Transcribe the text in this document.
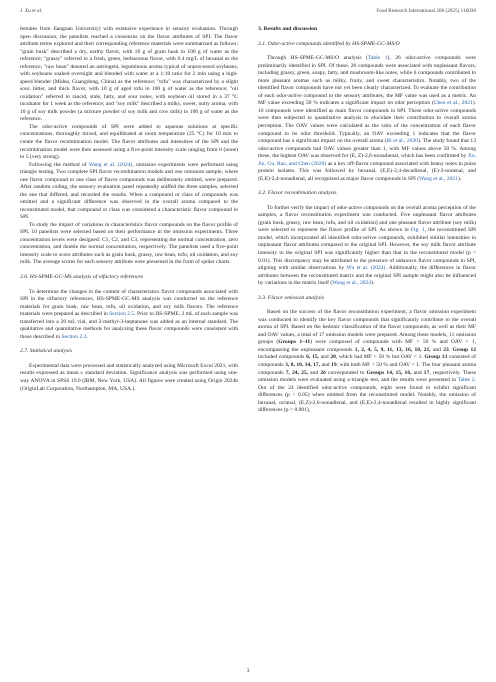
J. Xu et al.	Food Research International 206 (2025) 116038

females from Jiangnan University) with extensive experience in sensory evaluation. Through open discussion, the panelists reached a consensus on the flavor attributes of SPI. The flavor attribute terms explored and their corresponding reference materials were summarized as follows: "grain husk" described a dry, earthy flavor, with 10 g of grain husk in 100 g of water as the reference; "grassy" referred to a fresh, green, herbaceous flavor, with 0.4 mg/L of hexanal as the reference; "raw bean" denoted an astringent, leguminous aroma typical of unprocessed soybeans, with soybeans soaked overnight and blended with water at a 1:10 ratio for 2 min using a high-speed blender (Midea, Guangdong, China) as the reference; "tofu" was characterized by a slight sour, bitter, and thick flavor, with 10 g of aged tofu in 100 g of water as the reference; "oil oxidation" referred to rancid, stale, fatty, and sour notes, with soybean oil stored in a 37 °C incubator for 1 week as the reference; and "soy milk" described a milky, sweet, nutty aroma, with 10 g of soy milk powder (a mixture powder of soy milk and cow milk) in 100 g of water as the reference.

The odor-active compounds of SPI were added to aqueous solutions at specific concentrations, thoroughly mixed, and equilibrated at room temperature (25 °C) for 10 min to create the flavor recombination model. The flavor attributes and intensities of the SPI and the recombination model were then assessed using a five-point intensity scale ranging from 0 (none) to 5 (very strong).

Following the method of Wang et al. (2024), omission experiments were performed using triangle testing. Two complete SPI flavor recombination models and one omission sample, where one flavor compound or one class of flavor compounds was deliberately omitted, were prepared. After random coding, the sensory evaluation panel repeatedly sniffed the three samples, selected the one that differed, and recorded the results. When a compound or class of compounds was omitted and a significant difference was observed in the overall aroma compared to the reconstituted model, that compound or class was considered a characteristic flavor compound in SPI.

To study the impact of variations in characteristics flavor compounds on the flavor profile of SPI, 10 panelists were selected based on their performance in the omission experiments. Three concentration levels were designed: C1, C2, and C3, representing the normal concentration, zero concentration, and double the normal concentration, respectively. The panelists used a five-point intensity scale to score attributes such as grain husk, grassy, raw bean, tofu, oil oxidation, and soy milk. The average scores for each sensory attribute were presented in the form of spider charts.

2.6. HS-SPME-GC-MS analysis of olfactory references

To determine the changes in the content of characteristics flavor compounds associated with SPI in the olfactory references, HS-SPME-GC-MS analysis was conducted on the reference materials for grain husk, raw bean, tofu, oil oxidation, and soy milk flavors. The reference materials were prepared as described in Section 2.5. Prior to HS-SPME, 2 mL of each sample was transferred into a 20 mL vial, and 2-methyl-3-heptanone was added as an internal standard. The qualitative and quantitative methods for analyzing these flavor compounds were consistent with those described in Section 2.3.

2.7. Statistical analysis

Experimental data were processed and statistically analyzed using Microsoft Excel 2021, with results expressed as mean ± standard deviation. Significance analysis was performed using one-way ANOVA in SPSS 19.0 (IBM, New York, USA). All figures were created using Origin 2024b (OriginLab Corporation, Northampton, MA, USA.).

3. Results and discussion
3.1. Odor-active compounds identified by HS-SPME-GC-MS/O

Through HS-SPME-GC-MS/O analysis (Table 1), 26 odor-active compounds were preliminarily identified in SPI. Of these, 20 compounds were associated with unpleasant flavors, including grassy, green, soapy, fatty, and mushroom-like notes, while 6 compounds contributed to more pleasant aromas such as milky, fruity, and sweet characteristics. Notably, two of the identified flavor compounds have not yet been clearly characterized. To evaluate the contribution of each odor-active compound to the sensory attributes, the MF value was used as a metric. An MF value exceeding 50 % indicates a significant impact on odor perception (Chen et al., 2021). 16 compounds were identified as main flavor compounds in SPI. These odor-active compounds were then subjected to quantitative analysis to elucidate their contribution to overall aroma perception. The OAV values were calculated as the ratio of the concentration of each flavor compound to its odor threshold. Typically, an OAV exceeding 1 indicates that the flavor compound has a significant impact on the overall aroma (Bi et al., 2020). The study found that 13 odor-active compounds had OAV values greater than 1, with MF values above 50 %. Among these, the highest OAV was observed for (E, Z)-2,6-nonadienal, which has been confirmed by Xu, Jin, Gu, Rao, and Chen (2020) as a key off-flavor compound associated with beany notes in pulse protein isolates. This was followed by hexanal, (E,E)-2,4-decadienal, (E)-2-nonenal, and (E,E)-2,4-nonadienal, all recognized as major flavor compounds in SPI (Wang et al., 2021).

3.2. Flavor recombination analysis

To further verify the impact of odor-active compounds on the overall aroma perception of the samples, a flavor reconstitution experiment was conducted. Five unpleasant flavor attributes (grain husk, grassy, raw bean, tofu, and oil oxidation) and one pleasant flavor attribute (soy milk) were selected to represent the flavor profile of SPI. As shown in Fig. 1, the reconstituted SPI model, which incorporated all identified odor-active compounds, exhibited similar intensities in unpleasant flavor attributes compared to the original SPI. However, the soy milk flavor attribute intensity in the original SPI was significantly higher than that in the reconstituted model (p < 0.01). This discrepancy may be attributed to the presence of unknown flavor compounds in SPI, aligning with similar observations by Wu et al. (2024). Additionally, the differences in flavor attributes between the reconstituted matrix and the original SPI sample might also be influenced by variations in the matrix itself (Wang et al., 2024).

3.3. Flavor omission analysis

Based on the success of the flavor reconstitution experiment, a flavor omission experiment was conducted to identify the key flavor compounds that significantly contribute to the overall aroma of SPI. Based on the hedonic classification of the flavor compounds, as well as their MF and OAV values, a total of 17 omission models were prepared. Among these models, 11 omission groups (Groups 1–11) were composed of compounds with MF > 50 % and OAV > 1, encompassing the unpleasant compounds 1, 2, 4, 5, 9, 11, 13, 16, 18, 21, and 23. Group 12 included compounds 6, 15, and 20, which had MF > 50 % but OAV < 1. Group 13 consisted of compounds 3, 8, 10, 14, 17, and 19, with both MF < 50 % and OAV < 1. The four pleasant aroma compounds 7, 24, 25, and 26 corresponded to Groups 14, 15, 16, and 17, respectively. These omission models were evaluated using a triangle test, and the results were presented in Table 2. Out of the 24 identified odor-active compounds, eight were found to exhibit significant differences (p < 0.05) when omitted from the reconstituted model. Notably, the omission of hexanal, octanal, (E,Z)-2,6-nonadienal, and (E,E)-2,4-nonadienal resulted in highly significant differences (p < 0.001),

3
